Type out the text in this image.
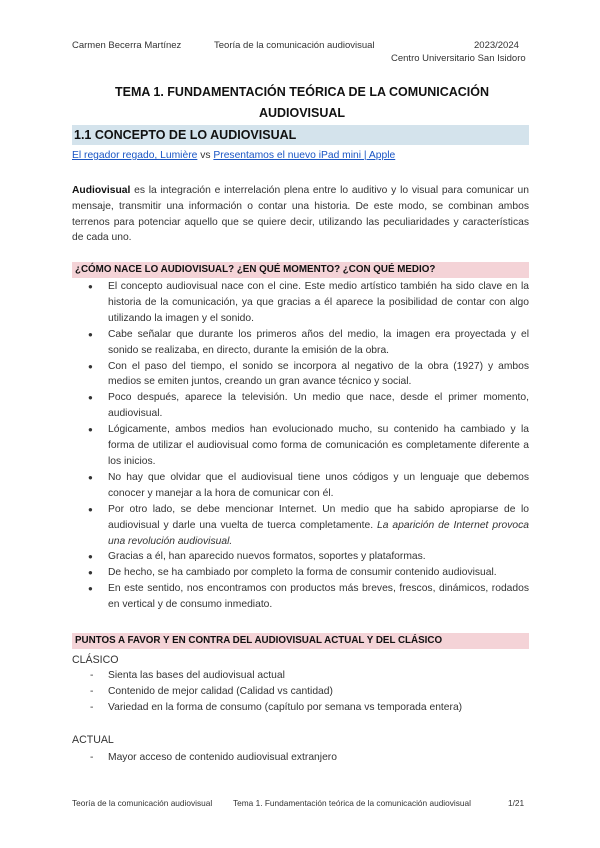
Carmen Becerra Martínez	Teoría de la comunicación audiovisual	2023/2024
Centro Universitario San Isidoro
TEMA 1. FUNDAMENTACIÓN TEÓRICA DE LA COMUNICACIÓN
AUDIOVISUAL
1.1 CONCEPTO DE LO AUDIOVISUAL
El regador regado, Lumière vs Presentamos el nuevo iPad mini | Apple
Audiovisual es la integración e interrelación plena entre lo auditivo y lo visual para comunicar un mensaje, transmitir una información o contar una historia. De este modo, se combinan ambos terrenos para potenciar aquello que se quiere decir, utilizando las peculiaridades y características de cada uno.
¿CÓMO NACE LO AUDIOVISUAL? ¿EN QUÉ MOMENTO? ¿CON QUÉ MEDIO?
● El concepto audiovisual nace con el cine. Este medio artístico también ha sido clave en la historia de la comunicación, ya que gracias a él aparece la posibilidad de contar con algo utilizando la imagen y el sonido.
● Cabe señalar que durante los primeros años del medio, la imagen era proyectada y el sonido se realizaba, en directo, durante la emisión de la obra.
● Con el paso del tiempo, el sonido se incorpora al negativo de la obra (1927) y ambos medios se emiten juntos, creando un gran avance técnico y social.
● Poco después, aparece la televisión. Un medio que nace, desde el primer momento, audiovisual.
● Lógicamente, ambos medios han evolucionado mucho, su contenido ha cambiado y la forma de utilizar el audiovisual como forma de comunicación es completamente diferente a los inicios.
● No hay que olvidar que el audiovisual tiene unos códigos y un lenguaje que debemos conocer y manejar a la hora de comunicar con él.
● Por otro lado, se debe mencionar Internet. Un medio que ha sabido apropiarse de lo audiovisual y darle una vuelta de tuerca completamente. La aparición de Internet provoca una revolución audiovisual.
● Gracias a él, han aparecido nuevos formatos, soportes y plataformas.
● De hecho, se ha cambiado por completo la forma de consumir contenido audiovisual.
● En este sentido, nos encontramos con productos más breves, frescos, dinámicos, rodados en vertical y de consumo inmediato.
PUNTOS A FAVOR Y EN CONTRA DEL AUDIOVISUAL ACTUAL Y DEL CLÁSICO
CLÁSICO
- Sienta las bases del audiovisual actual
- Contenido de mejor calidad (Calidad vs cantidad)
- Variedad en la forma de consumo (capítulo por semana vs temporada entera)
ACTUAL
- Mayor acceso de contenido audiovisual extranjero
Teoría de la comunicación audiovisual	Tema 1. Fundamentación teórica de la comunicación audiovisual	1/21
